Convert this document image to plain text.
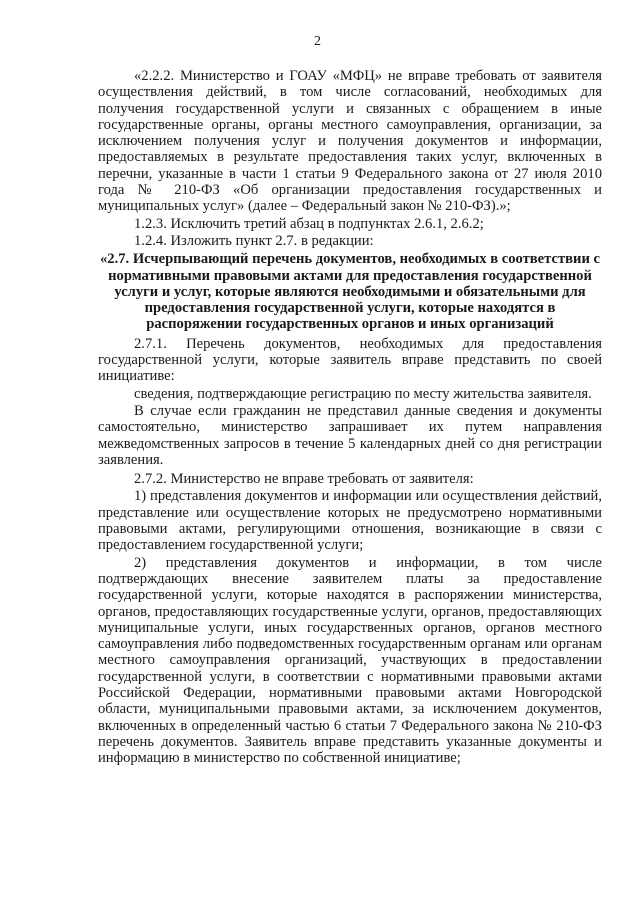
2

«2.2.2. Министерство и ГОАУ «МФЦ» не вправе требовать от заявителя осуществления действий, в том числе согласований, необходимых для получения государственной услуги и связанных с обращением в иные государственные органы, органы местного самоуправления, организации, за исключением получения услуг и получения документов и информации, предоставляемых в результате предоставления таких услуг, включенных в перечни, указанные в части 1 статьи 9 Федерального закона от 27 июля 2010 года № 210-ФЗ «Об организации предоставления государственных и муниципальных услуг» (далее – Федеральный закон № 210-ФЗ).»;

1.2.3. Исключить третий абзац в подпунктах 2.6.1, 2.6.2;

1.2.4. Изложить пункт 2.7. в редакции:

«2.7. Исчерпывающий перечень документов, необходимых в соответствии с нормативными правовыми актами для предоставления государственной услуги и услуг, которые являются необходимыми и обязательными для предоставления государственной услуги, которые находятся в распоряжении государственных органов и иных организаций

2.7.1. Перечень документов, необходимых для предоставления государственной услуги, которые заявитель вправе представить по своей инициативе:

сведения, подтверждающие регистрацию по месту жительства заявителя.

В случае если гражданин не представил данные сведения и документы самостоятельно, министерство запрашивает их путем направления межведомственных запросов в течение 5 календарных дней со дня регистрации заявления.

2.7.2. Министерство не вправе требовать от заявителя:

1) представления документов и информации или осуществления действий, представление или осуществление которых не предусмотрено нормативными правовыми актами, регулирующими отношения, возникающие в связи с предоставлением государственной услуги;

2) представления документов и информации, в том числе подтверждающих внесение заявителем платы за предоставление государственной услуги, которые находятся в распоряжении министерства, органов, предоставляющих государственные услуги, органов, предоставляющих муниципальные услуги, иных государственных органов, органов местного самоуправления либо подведомственных государственным органам или органам местного самоуправления организаций, участвующих в предоставлении государственной услуги, в соответствии с нормативными правовыми актами Российской Федерации, нормативными правовыми актами Новгородской области, муниципальными правовыми актами, за исключением документов, включенных в определенный частью 6 статьи 7 Федерального закона № 210-ФЗ перечень документов. Заявитель вправе представить указанные документы и информацию в министерство по собственной инициативе;
